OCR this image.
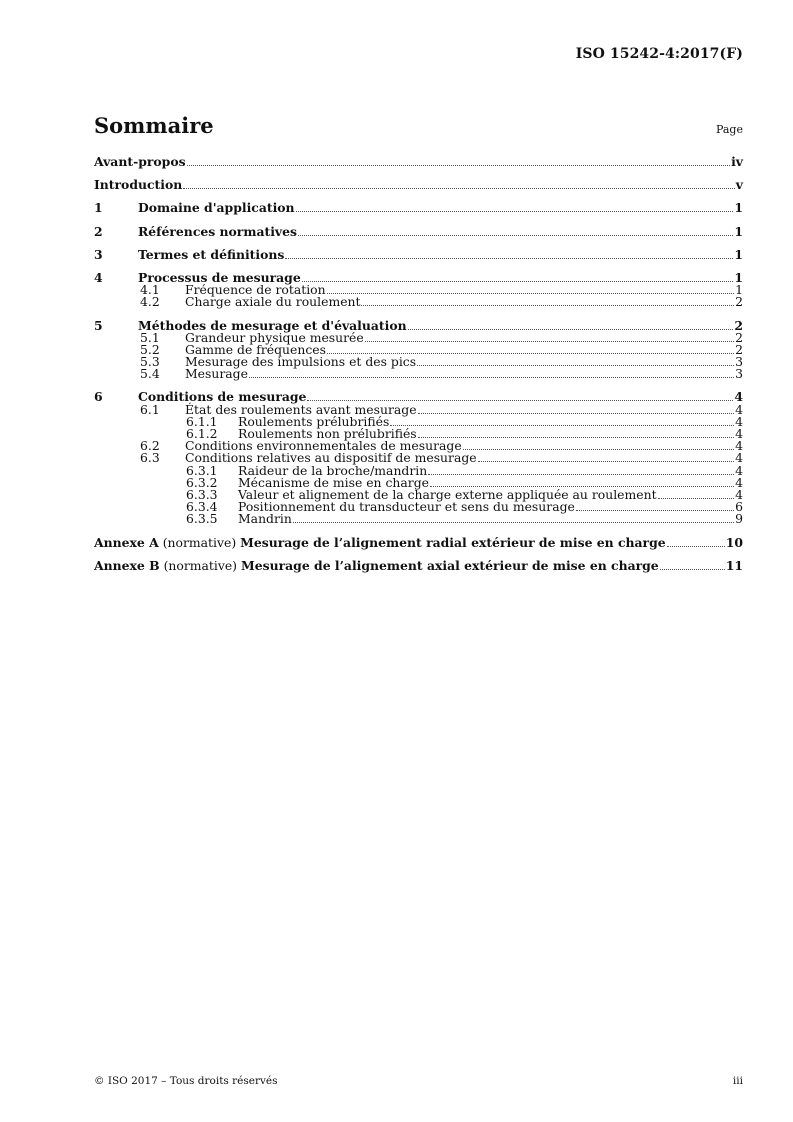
ISO 15242-4:2017(F)
Sommaire	Page
Avant-propos	iv
Introduction	v
1	Domaine d'application	1
2	Références normatives	1
3	Termes et définitions	1
4	Processus de mesurage	1
4.1	Fréquence de rotation	1
4.2	Charge axiale du roulement	2
5	Méthodes de mesurage et d'évaluation	2
5.1	Grandeur physique mesurée	2
5.2	Gamme de fréquences	2
5.3	Mesurage des impulsions et des pics	3
5.4	Mesurage	3
6	Conditions de mesurage	4
6.1	État des roulements avant mesurage	4
6.1.1	Roulements prélubrifiés	4
6.1.2	Roulements non prélubrifiés	4
6.2	Conditions environnementales de mesurage	4
6.3	Conditions relatives au dispositif de mesurage	4
6.3.1	Raideur de la broche/mandrin	4
6.3.2	Mécanisme de mise en charge	4
6.3.3	Valeur et alignement de la charge externe appliquée au roulement	4
6.3.4	Positionnement du transducteur et sens du mesurage	6
6.3.5	Mandrin	9
Annexe A (normative) Mesurage de l’alignement radial extérieur de mise en charge	10
Annexe B (normative) Mesurage de l’alignement axial extérieur de mise en charge	11
© ISO 2017 – Tous droits réservés	iii
